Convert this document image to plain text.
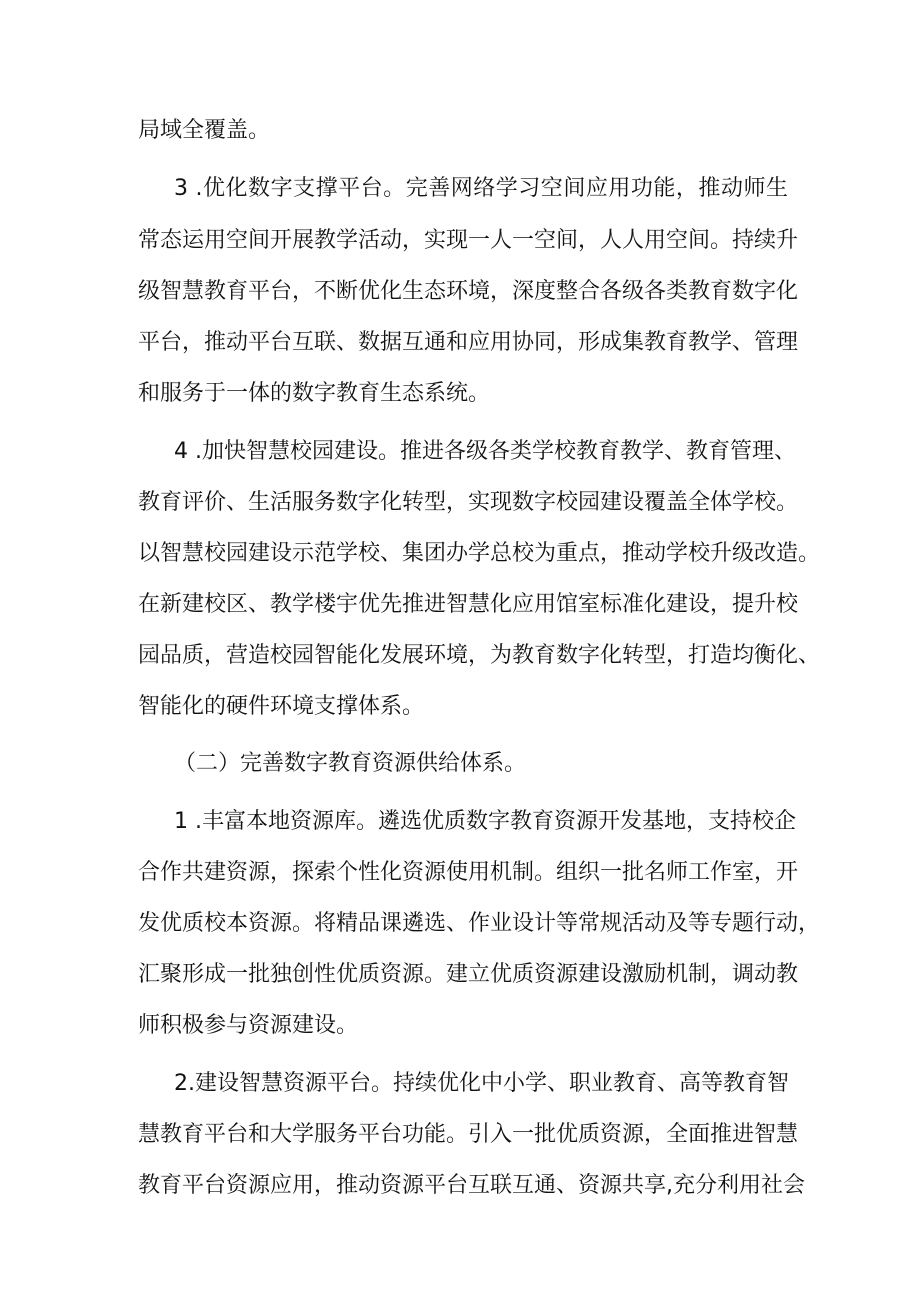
局域全覆盖。
3 .优化数字支撑平台。完善网络学习空间应用功能，推动师生
常态运用空间开展教学活动，实现一人一空间，人人用空间。持续升
级智慧教育平台，不断优化生态环境，深度整合各级各类教育数字化
平台，推动平台互联、数据互通和应用协同，形成集教育教学、管理
和服务于一体的数字教育生态系统。
4 .加快智慧校园建设。推进各级各类学校教育教学、教育管理、
教育评价、生活服务数字化转型，实现数字校园建设覆盖全体学校。
以智慧校园建设示范学校、集团办学总校为重点，推动学校升级改造。
在新建校区、教学楼宇优先推进智慧化应用馆室标准化建设，提升校
园品质，营造校园智能化发展环境，为教育数字化转型，打造均衡化、
智能化的硬件环境支撑体系。
（二）完善数字教育资源供给体系。
1 .丰富本地资源库。遴选优质数字教育资源开发基地，支持校企
合作共建资源，探索个性化资源使用机制。组织一批名师工作室，开
发优质校本资源。将精品课遴选、作业设计等常规活动及等专题行动，
汇聚形成一批独创性优质资源。建立优质资源建设激励机制，调动教
师积极参与资源建设。
2.建设智慧资源平台。持续优化中小学、职业教育、高等教育智
慧教育平台和大学服务平台功能。引入一批优质资源，全面推进智慧
教育平台资源应用，推动资源平台互联互通、资源共享,充分利用社会
